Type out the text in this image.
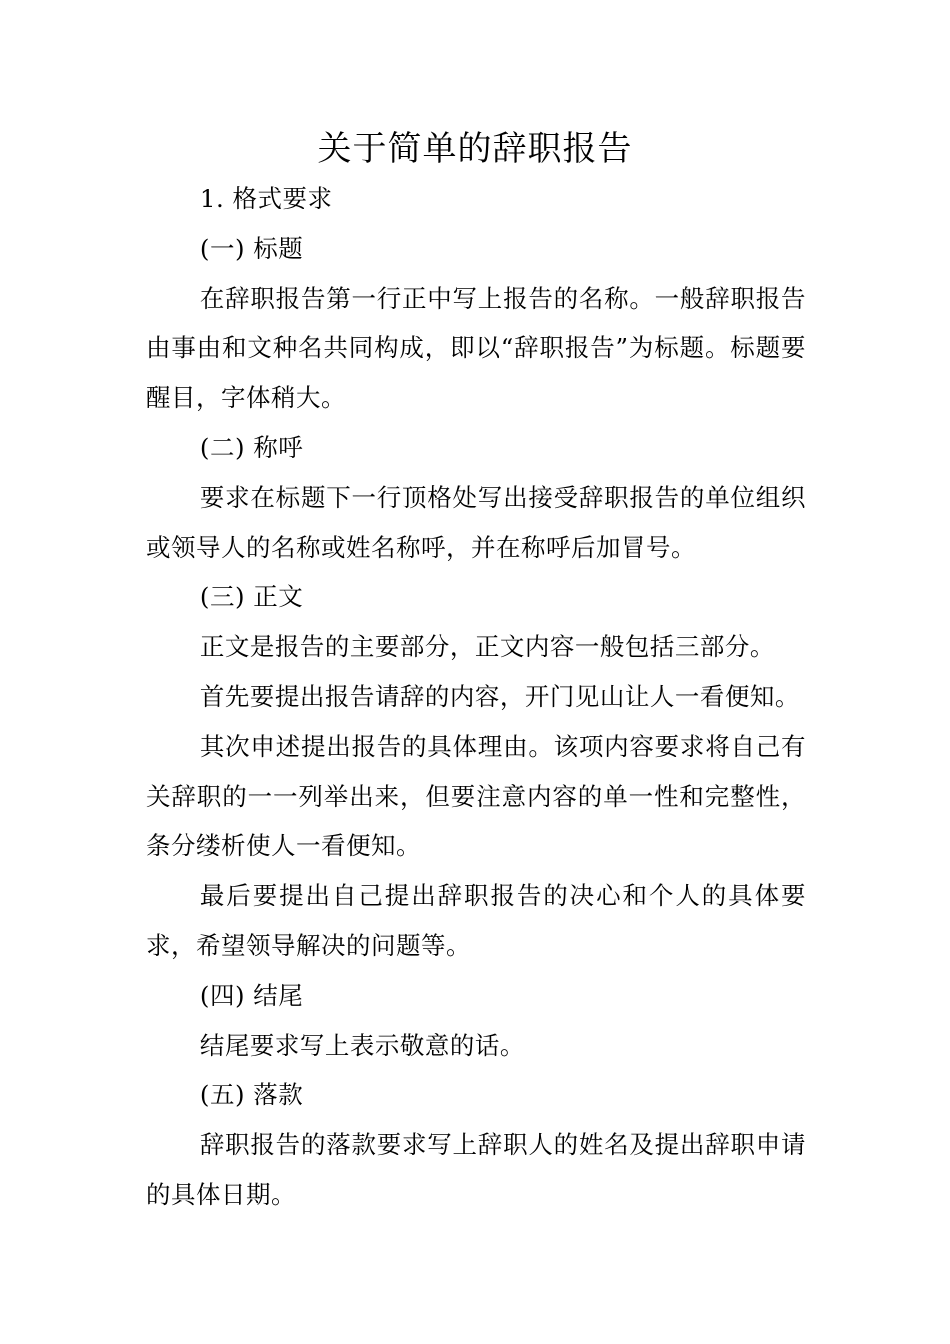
关于简单的辞职报告

1. 格式要求

(一) 标题

在辞职报告第一行正中写上报告的名称。一般辞职报告由事由和文种名共同构成，即以“辞职报告”为标题。标题要醒目，字体稍大。

(二) 称呼

要求在标题下一行顶格处写出接受辞职报告的单位组织或领导人的名称或姓名称呼，并在称呼后加冒号。

(三) 正文

正文是报告的主要部分，正文内容一般包括三部分。

首先要提出报告请辞的内容，开门见山让人一看便知。

其次申述提出报告的具体理由。该项内容要求将自己有关辞职的一一列举出来，但要注意内容的单一性和完整性，条分缕析使人一看便知。

最后要提出自己提出辞职报告的决心和个人的具体要求，希望领导解决的问题等。

(四) 结尾

结尾要求写上表示敬意的话。

(五) 落款

辞职报告的落款要求写上辞职人的姓名及提出辞职申请的具体日期。
